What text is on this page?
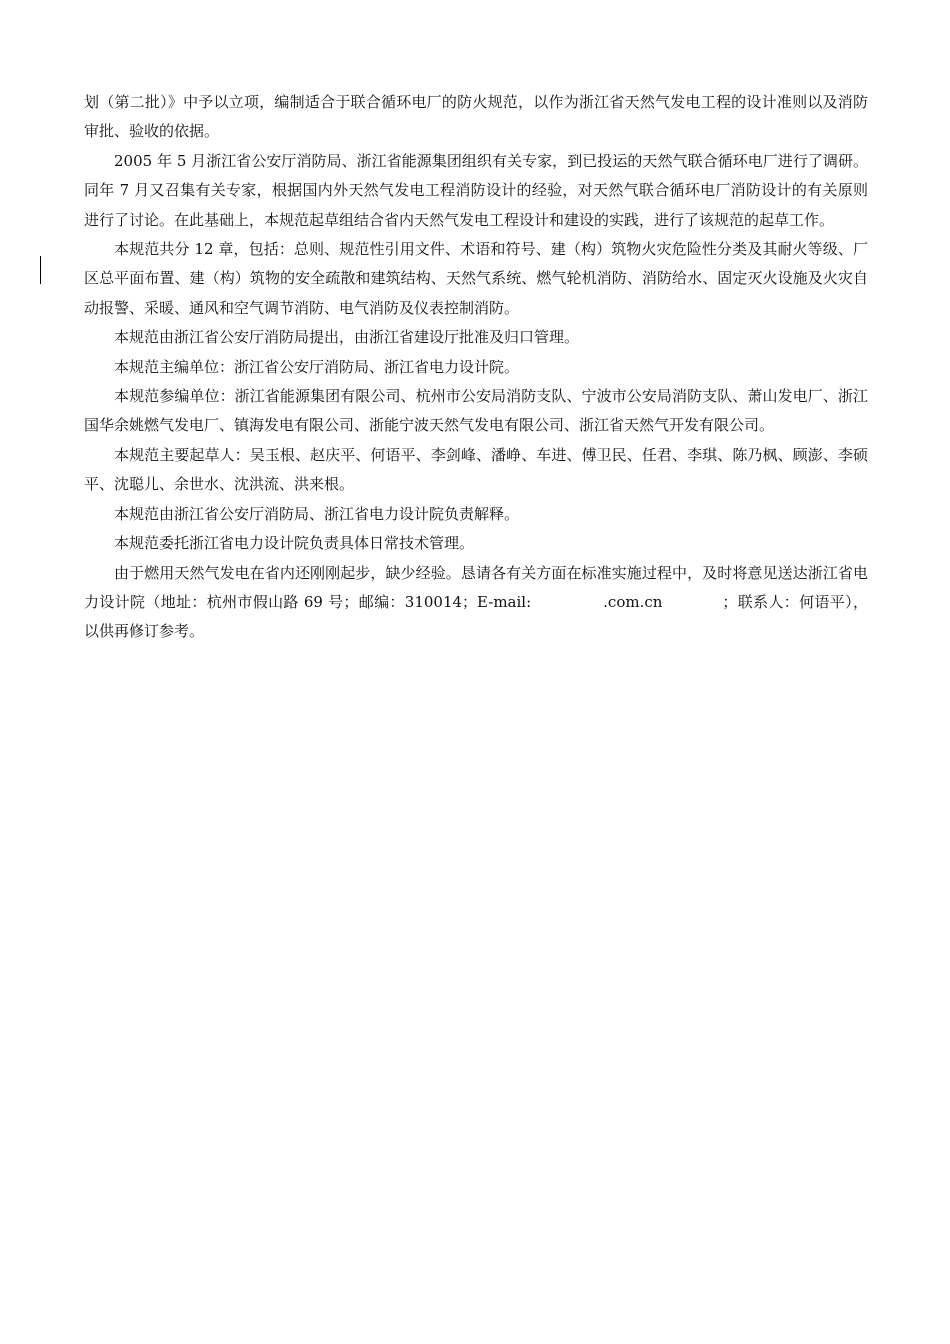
划（第二批）》中予以立项，编制适合于联合循环电厂的防火规范，以作为浙江省天然气发电工程的设计准则以及消防审批、验收的依据。

2005 年 5 月浙江省公安厅消防局、浙江省能源集团组织有关专家，到已投运的天然气联合循环电厂进行了调研。同年 7 月又召集有关专家，根据国内外天然气发电工程消防设计的经验，对天然气联合循环电厂消防设计的有关原则进行了讨论。在此基础上，本规范起草组结合省内天然气发电工程设计和建设的实践，进行了该规范的起草工作。

本规范共分 12 章，包括：总则、规范性引用文件、术语和符号、建（构）筑物火灾危险性分类及其耐火等级、厂区总平面布置、建（构）筑物的安全疏散和建筑结构、天然气系统、燃气轮机消防、消防给水、固定灭火设施及火灾自动报警、采暖、通风和空气调节消防、电气消防及仪表控制消防。

本规范由浙江省公安厅消防局提出，由浙江省建设厅批准及归口管理。

本规范主编单位：浙江省公安厅消防局、浙江省电力设计院。

本规范参编单位：浙江省能源集团有限公司、杭州市公安局消防支队、宁波市公安局消防支队、萧山发电厂、浙江国华余姚燃气发电厂、镇海发电有限公司、浙能宁波天然气发电有限公司、浙江省天然气开发有限公司。

本规范主要起草人：吴玉根、赵庆平、何语平、李剑峰、潘峥、车进、傅卫民、任君、李琪、陈乃枫、顾澎、李硕平、沈聪儿、余世水、沈洪流、洪来根。

本规范由浙江省公安厅消防局、浙江省电力设计院负责解释。

本规范委托浙江省电力设计院负责具体日常技术管理。

由于燃用天然气发电在省内还刚刚起步，缺少经验。恳请各有关方面在标准实施过程中，及时将意见送达浙江省电力设计院（地址：杭州市假山路 69 号；邮编：310014；E-mail:	.com.cn	；联系人：何语平），以供再修订参考。
